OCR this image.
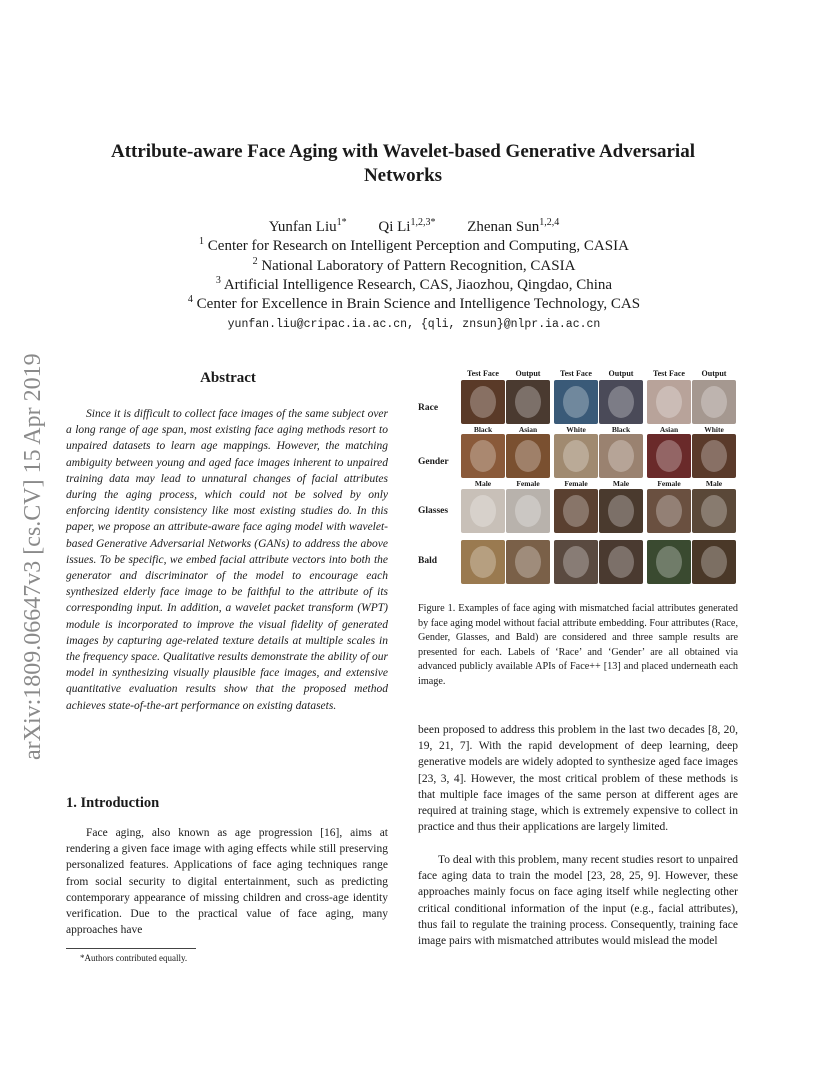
arXiv:1809.06647v3 [cs.CV] 15 Apr 2019
Attribute-aware Face Aging with Wavelet-based Generative Adversarial Networks
Yunfan Liu$^{1*}$ Qi $Li^{1,2,3*}$ Zhenan Sun$^{1,2,4}$
$^1$ Center for Research on Intelligent Perception and Computing, CASIA
$^2$ National Laboratory of Pattern Recognition, CASIA
$^3$ Artificial Intelligence Research, CAS, Jiaozhou, Qingdao, China
$^4$ Center for Excellence in Brain Science and Intelligence Technology, CAS
yunfan.liu@cripac.ia.ac.cn, {qli, znsun}@nlpr.ia.ac.cn
Abstract

Since it is difficult to collect face images of the same subject over a long range of age span, most existing face aging methods resort to unpaired datasets to learn age mappings. However, the matching ambiguity between young and aged face images inherent to unpaired training data may lead to unnatural changes of facial attributes during the aging process, which could not be solved by only enforcing identity consistency like most existing studies do. In this paper, we propose an attribute-aware face aging model with wavelet-based Generative Adversarial Networks (GANs) to address the above issues. To be specific, we embed facial attribute vectors into both the generator and discriminator of the model to encourage each synthesized elderly face image to be faithful to the attribute of its corresponding input. In addition, a wavelet packet transform (WPT) module is incorporated to improve the visual fidelity of generated images by capturing age-related texture details at multiple scales in the frequency space. Qualitative results demonstrate the ability of our model in synthesizing visually plausible face images, and extensive quantitative evaluation results show that the proposed method achieves state-of-the-art performance on existing datasets.

1. Introduction

Face aging, also known as age progression [16], aims at rendering a given face image with aging effects while still preserving personalized features. Applications of face aging techniques range from social security to digital entertainment, such as predicting contemporary appearance of missing children and cross-age identity verification. Due to the practical value of face aging, many approaches have

*Authors contributed equally.
Test Face	Output	Test Face	Output	Test Face	Output
Race
Gender
Glasses
Bald
Black	Asian	White	Black	Asian	White
Male	Female	Female	Male	Female	Male

Figure 1. Examples of face aging with mismatched facial attributes generated by face aging model without facial attribute embedding. Four attributes (Race, Gender, Glasses, and Bald) are considered and three sample results are presented for each. Labels of ‘Race’ and ‘Gender’ are all obtained via advanced publicly available APIs of Face++ [13] and placed underneath each image.

been proposed to address this problem in the last two decades [8, 20, 19, 21, 7]. With the rapid development of deep learning, deep generative models are widely adopted to synthesize aged face images [23, 3, 4]. However, the most critical problem of these methods is that multiple face images of the same person at different ages are required at training stage, which is extremely expensive to collect in practice and thus their applications are largely limited.

To deal with this problem, many recent studies resort to unpaired face aging data to train the model [23, 28, 25, 9]. However, these approaches mainly focus on face aging itself while neglecting other critical conditional information of the input (e.g., facial attributes), thus fail to regulate the training process. Consequently, training face image pairs with mismatched attributes would mislead the model
